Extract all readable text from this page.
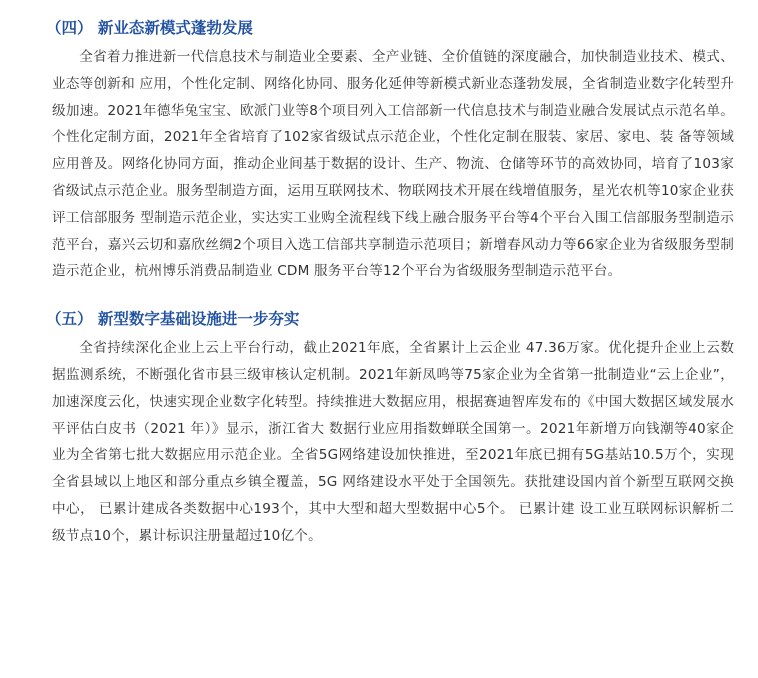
（四） 新业态新模式蓬勃发展

全省着力推进新一代信息技术与制造业全要素、全产业链、全价值链的深度融合，加快制造业技术、模式、业态等创新和 应用，个性化定制、网络化协同、服务化延伸等新模式新业态蓬勃发展，全省制造业数字化转型升级加速。2021年德华兔宝宝、欧派门业等8个项目列入工信部新一代信息技术与制造业融合发展试点示范名单。个性化定制方面，2021年全省培育了102家省级试点示范企业，个性化定制在服装、家居、家电、装 备等领域应用普及。网络化协同方面，推动企业间基于数据的设计、生产、物流、仓储等环节的高效协同，培育了103家省级试点示范企业。服务型制造方面，运用互联网技术、物联网技术开展在线增值服务，星光农机等10家企业获评工信部服务 型制造示范企业，实达实工业购全流程线下线上融合服务平台等4个平台入围工信部服务型制造示范平台，嘉兴云切和嘉欣丝绸2个项目入选工信部共享制造示范项目；新增春风动力等66家企业为省级服务型制造示范企业，杭州博乐消费品制造业 CDM 服务平台等12个平台为省级服务型制造示范平台。

（五） 新型数字基础设施进一步夯实

全省持续深化企业上云上平台行动，截止2021年底，全省累计上云企业 47.36万家。优化提升企业上云数据监测系统，不断强化省市县三级审核认定机制。2021年新凤鸣等75家企业为全省第一批制造业“云上企业”， 加速深度云化，快速实现企业数字化转型。持续推进大数据应用，根据赛迪智库发布的《中国大数据区域发展水平评估白皮书（2021 年）》显示，浙江省大 数据行业应用指数蝉联全国第一。2021年新增万向钱潮等40家企业为全省第七批大数据应用示范企业。全省5G网络建设加快推进，至2021年底已拥有5G基站10.5万个，实现全省县域以上地区和部分重点乡镇全覆盖，5G 网络建设水平处于全国领先。获批建设国内首个新型互联网交换中心， 已累计建成各类数据中心193个，其中大型和超大型数据中心5个。 已累计建 设工业互联网标识解析二级节点10个，累计标识注册量超过10亿个。
